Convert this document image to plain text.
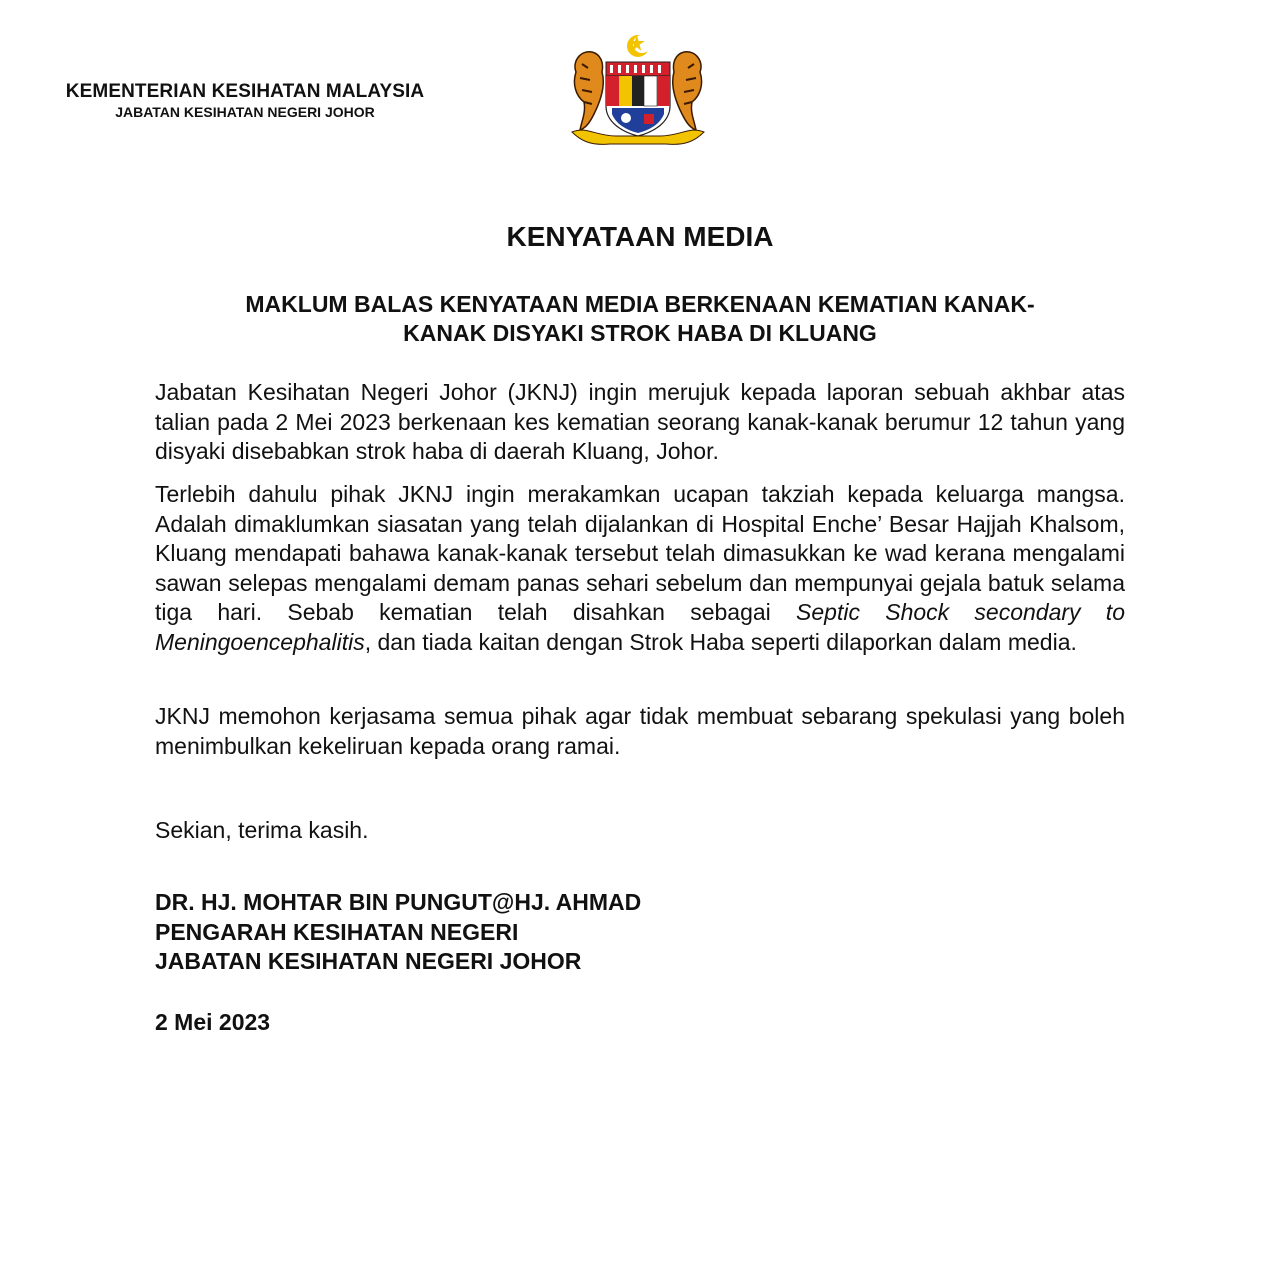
KEMENTERIAN KESIHATAN MALAYSIA
JABATAN KESIHATAN NEGERI JOHOR
KENYATAAN MEDIA
MAKLUM BALAS KENYATAAN MEDIA BERKENAAN KEMATIAN KANAK-
KANAK DISYAKI STROK HABA DI KLUANG

Jabatan Kesihatan Negeri Johor (JKNJ) ingin merujuk kepada laporan sebuah akhbar atas talian pada 2 Mei 2023 berkenaan kes kematian seorang kanak-kanak berumur 12 tahun yang disyaki disebabkan strok haba di daerah Kluang, Johor.

Terlebih dahulu pihak JKNJ ingin merakamkan ucapan takziah kepada keluarga mangsa. Adalah dimaklumkan siasatan yang telah dijalankan di Hospital Enche’ Besar Hajjah Khalsom, Kluang mendapati bahawa kanak-kanak tersebut telah dimasukkan ke wad kerana mengalami sawan selepas mengalami demam panas sehari sebelum dan mempunyai gejala batuk selama tiga hari. Sebab kematian telah disahkan sebagai Septic Shock secondary to Meningoencephalitis, dan tiada kaitan dengan Strok Haba seperti dilaporkan dalam media.

JKNJ memohon kerjasama semua pihak agar tidak membuat sebarang spekulasi yang boleh menimbulkan kekeliruan kepada orang ramai.

Sekian, terima kasih.

DR. HJ. MOHTAR BIN PUNGUT@HJ. AHMAD
PENGARAH KESIHATAN NEGERI
JABATAN KESIHATAN NEGERI JOHOR
2 Mei 2023
